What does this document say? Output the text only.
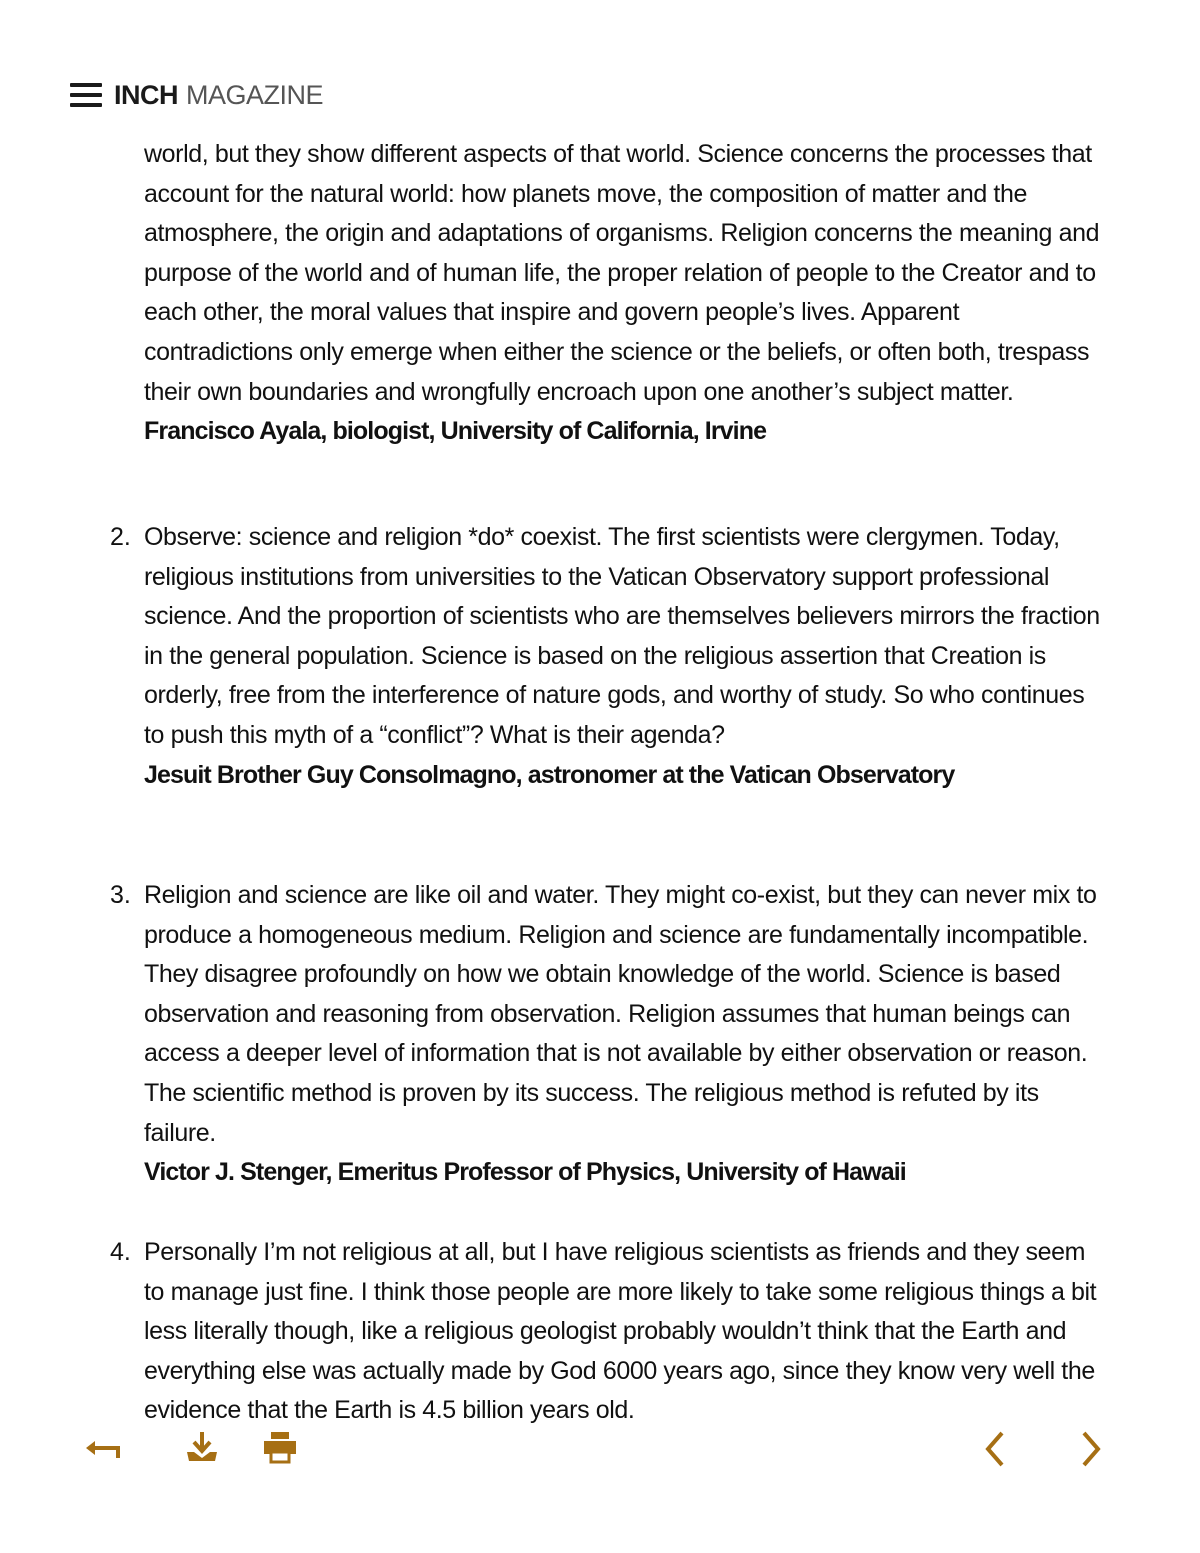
INCH MAGAZINE

world, but they show different aspects of that world. Science concerns the processes that account for the natural world: how planets move, the composition of matter and the atmosphere, the origin and adaptations of organisms. Religion concerns the meaning and purpose of the world and of human life, the proper relation of people to the Creator and to each other, the moral values that inspire and govern people’s lives. Apparent contradictions only emerge when either the science or the beliefs, or often both, trespass their own boundaries and wrongfully encroach upon one another’s subject matter.

Francisco Ayala, biologist, University of California, Irvine

2. Observe: science and religion *do* coexist. The first scientists were clergymen. Today, religious institutions from universities to the Vatican Observatory support professional science. And the proportion of scientists who are themselves believers mirrors the fraction in the general population. Science is based on the religious assertion that Creation is orderly, free from the interference of nature gods, and worthy of study. So who continues to push this myth of a “conflict”? What is their agenda?

Jesuit Brother Guy Consolmagno, astronomer at the Vatican Observatory

3. Religion and science are like oil and water. They might co-exist, but they can never mix to produce a homogeneous medium. Religion and science are fundamentally incompatible. They disagree profoundly on how we obtain knowledge of the world. Science is based observation and reasoning from observation. Religion assumes that human beings can access a deeper level of information that is not available by either observation or reason. The scientific method is proven by its success. The religious method is refuted by its failure.

Victor J. Stenger, Emeritus Professor of Physics, University of Hawaii

4. Personally I’m not religious at all, but I have religious scientists as friends and they seem to manage just fine. I think those people are more likely to take some religious things a bit less literally though, like a religious geologist probably wouldn’t think that the Earth and everything else was actually made by God 6000 years ago, since they know very well the evidence that the Earth is 4.5 billion years old.
